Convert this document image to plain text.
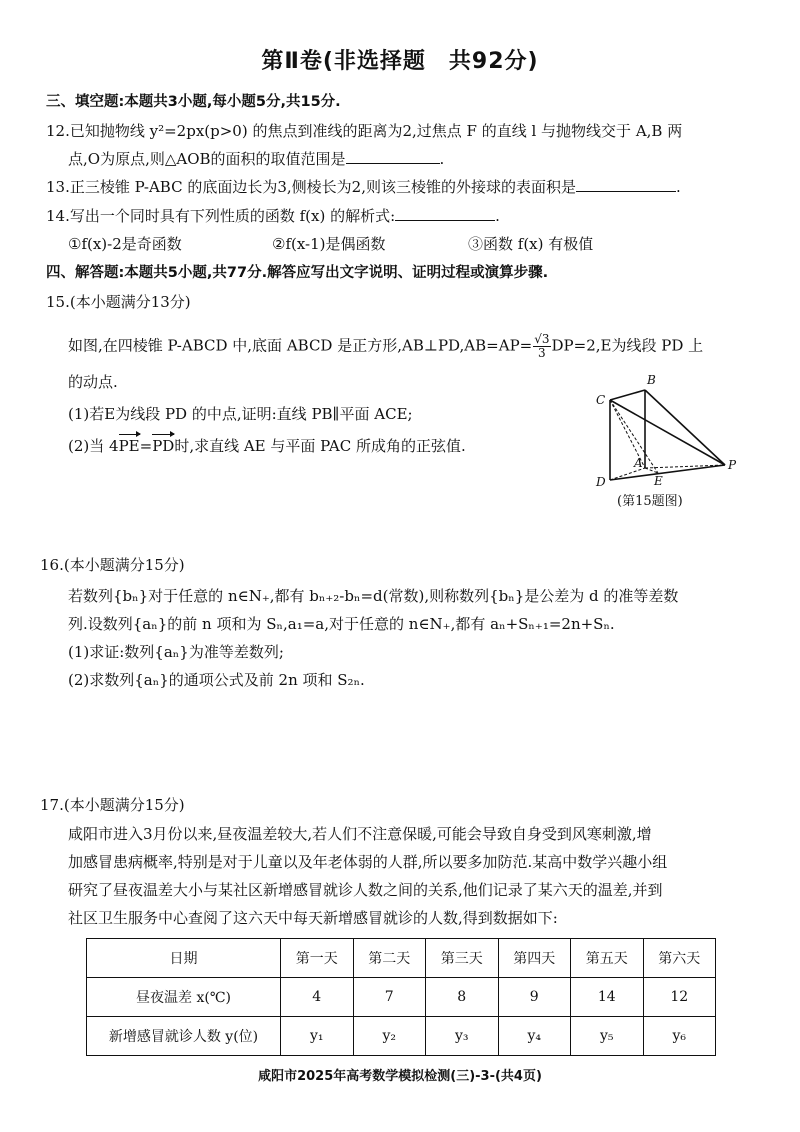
第Ⅱ卷(非选择题　共92分)
三、填空题:本题共3小题,每小题5分,共15分.
12.已知抛物线 y²=2px(p>0) 的焦点到准线的距离为2,过焦点 F 的直线 l 与抛物线交于 A,B 两
点,O为原点,则△AOB的面积的取值范围是	.
13.正三棱锥 P-ABC 的底面边长为3,侧棱长为2,则该三棱锥的外接球的表面积是	.
14.写出一个同时具有下列性质的函数 f(x) 的解析式:	.
①f(x)-2是奇函数	②f(x-1)是偶函数	③函数 f(x) 有极值
四、解答题:本题共5小题,共77分.解答应写出文字说明、证明过程或演算步骤.
15.(本小题满分13分)
如图,在四棱锥 P-ABCD 中,底面 ABCD 是正方形,AB⊥PD,AB=AP= $\frac{√3}{3} DP=2,E$为线段 PD 上
的动点.
(1)若E为线段 PD 的中点,证明:直线 PB∥平面 ACE;
(2)当 4PE=PD时,求直线 AE 与平面 PAC 所成角的正弦值.
B
C
A	P
D	E
(第15题图)
16.(本小题满分15分)
若数列{bₙ}对于任意的 n∈N₊,都有 bₙ₊₂-bₙ=d(常数),则称数列{bₙ}是公差为 d 的准等差数
列.设数列{aₙ}的前 n 项和为 Sₙ,a₁=a,对于任意的 n∈N₊,都有 aₙ+Sₙ₊₁=2n+Sₙ.
(1)求证:数列{aₙ}为准等差数列;
(2)求数列{aₙ}的通项公式及前 2n 项和 S₂ₙ.
17.(本小题满分15分)
咸阳市进入3月份以来,昼夜温差较大,若人们不注意保暖,可能会导致自身受到风寒刺激,增
加感冒患病概率,特别是对于儿童以及年老体弱的人群,所以要多加防范.某高中数学兴趣小组
研究了昼夜温差大小与某社区新增感冒就诊人数之间的关系,他们记录了某六天的温差,并到
社区卫生服务中心查阅了这六天中每天新增感冒就诊的人数,得到数据如下:
日期	第一天	第二天	第三天	第四天	第五天	第六天
昼夜温差 x(℃)	4	7	8	9	14	12
新增感冒就诊人数 y(位)	y₁	y₂	y₃	y₄	y₅	y₆
咸阳市2025年高考数学模拟检测(三)-3-(共4页)
